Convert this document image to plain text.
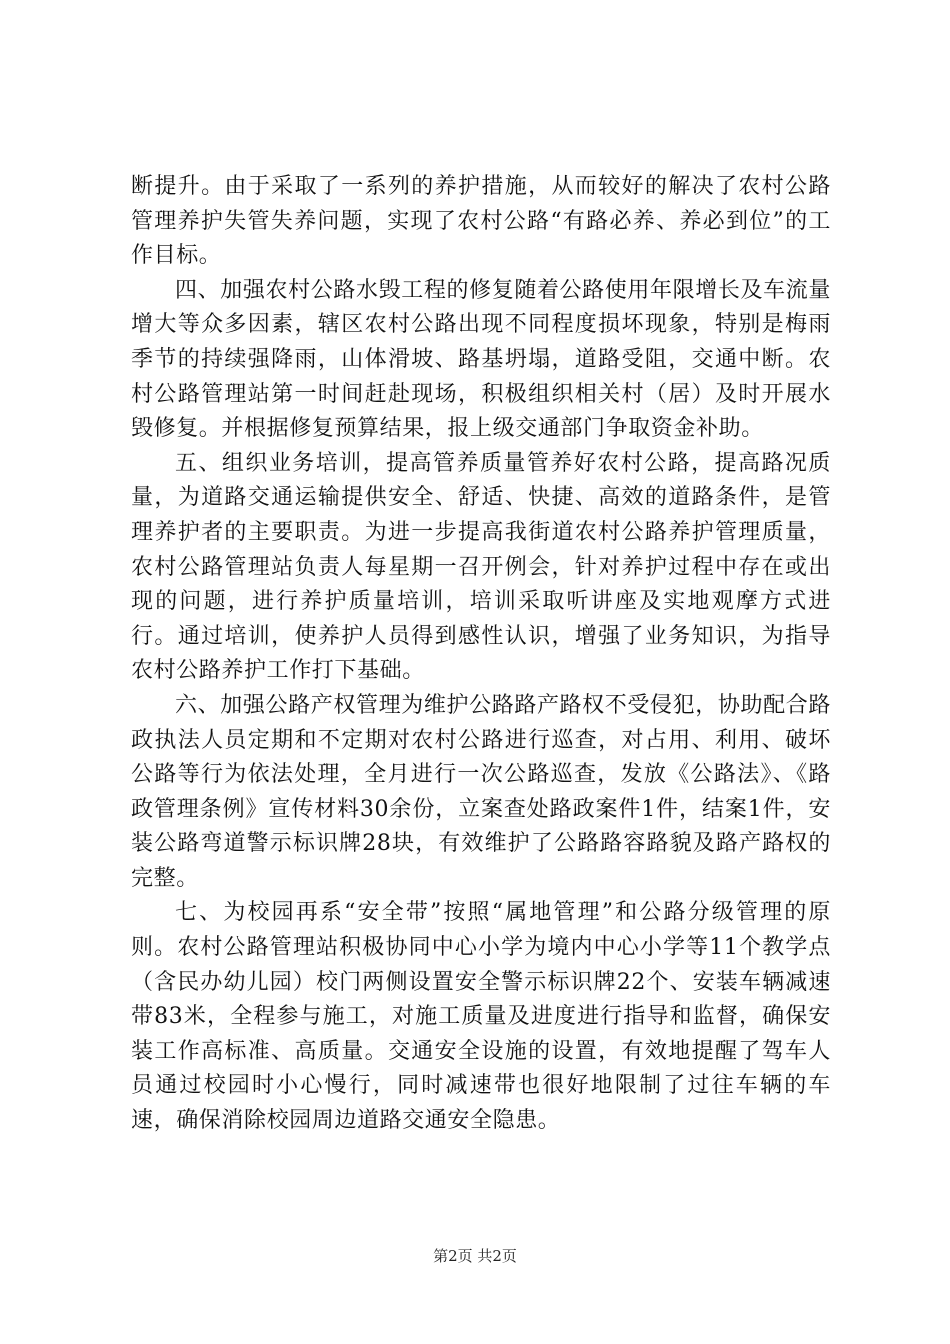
断提升。由于采取了一系列的养护措施，从而较好的解决了农村公路管理养护失管失养问题，实现了农村公路“有路必养、养必到位”的工作目标。

四、加强农村公路水毁工程的修复随着公路使用年限增长及车流量增大等众多因素，辖区农村公路出现不同程度损坏现象，特别是梅雨季节的持续强降雨，山体滑坡、路基坍塌，道路受阻，交通中断。农村公路管理站第一时间赶赴现场，积极组织相关村（居）及时开展水毁修复。并根据修复预算结果，报上级交通部门争取资金补助。

五、组织业务培训，提高管养质量管养好农村公路，提高路况质量，为道路交通运输提供安全、舒适、快捷、高效的道路条件，是管理养护者的主要职责。为进一步提高我街道农村公路养护管理质量，农村公路管理站负责人每星期一召开例会，针对养护过程中存在或出现的问题，进行养护质量培训，培训采取听讲座及实地观摩方式进行。通过培训，使养护人员得到感性认识，增强了业务知识，为指导农村公路养护工作打下基础。

六、加强公路产权管理为维护公路路产路权不受侵犯，协助配合路政执法人员定期和不定期对农村公路进行巡查，对占用、利用、破坏公路等行为依法处理，全月进行一次公路巡查，发放《公路法》、《路政管理条例》宣传材料30余份，立案查处路政案件1件，结案1件，安装公路弯道警示标识牌28块，有效维护了公路路容路貌及路产路权的完整。

七、为校园再系“安全带”按照“属地管理”和公路分级管理的原则。农村公路管理站积极协同中心小学为境内中心小学等11个教学点（含民办幼儿园）校门两侧设置安全警示标识牌22个、安装车辆减速带83米，全程参与施工，对施工质量及进度进行指导和监督，确保安装工作高标准、高质量。交通安全设施的设置，有效地提醒了驾车人员通过校园时小心慢行，同时减速带也很好地限制了过往车辆的车速，确保消除校园周边道路交通安全隐患。

第2页 共2页
